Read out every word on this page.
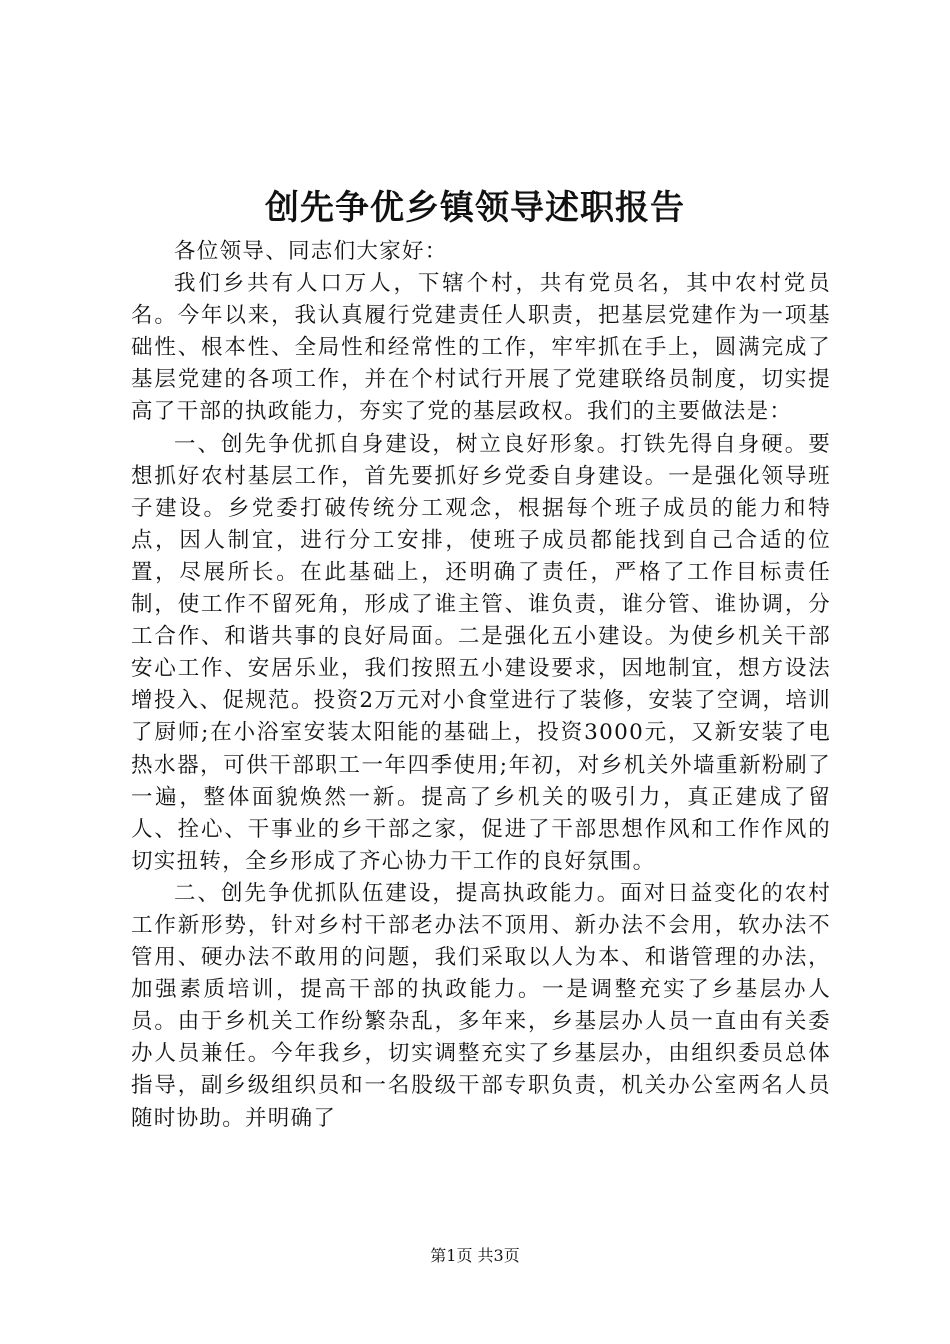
创先争优乡镇领导述职报告

各位领导、同志们大家好：

我们乡共有人口万人，下辖个村，共有党员名，其中农村党员名。今年以来，我认真履行党建责任人职责，把基层党建作为一项基础性、根本性、全局性和经常性的工作，牢牢抓在手上，圆满完成了基层党建的各项工作，并在个村试行开展了党建联络员制度，切实提高了干部的执政能力，夯实了党的基层政权。我们的主要做法是：

一、创先争优抓自身建设，树立良好形象。打铁先得自身硬。要想抓好农村基层工作，首先要抓好乡党委自身建设。一是强化领导班子建设。乡党委打破传统分工观念，根据每个班子成员的能力和特点，因人制宜，进行分工安排，使班子成员都能找到自己合适的位置，尽展所长。在此基础上，还明确了责任，严格了工作目标责任制，使工作不留死角，形成了谁主管、谁负责，谁分管、谁协调，分工合作、和谐共事的良好局面。二是强化五小建设。为使乡机关干部安心工作、安居乐业，我们按照五小建设要求，因地制宜，想方设法增投入、促规范。投资2万元对小食堂进行了装修，安装了空调，培训了厨师;在小浴室安装太阳能的基础上，投资3000元，又新安装了电热水器，可供干部职工一年四季使用;年初，对乡机关外墙重新粉刷了一遍，整体面貌焕然一新。提高了乡机关的吸引力，真正建成了留人、拴心、干事业的乡干部之家，促进了干部思想作风和工作作风的切实扭转，全乡形成了齐心协力干工作的良好氛围。

二、创先争优抓队伍建设，提高执政能力。面对日益变化的农村工作新形势，针对乡村干部老办法不顶用、新办法不会用，软办法不管用、硬办法不敢用的问题，我们采取以人为本、和谐管理的办法，加强素质培训，提高干部的执政能力。一是调整充实了乡基层办人员。由于乡机关工作纷繁杂乱，多年来，乡基层办人员一直由有关委办人员兼任。今年我乡，切实调整充实了乡基层办，由组织委员总体指导，副乡级组织员和一名股级干部专职负责，机关办公室两名人员随时协助。并明确了

第1页 共3页
